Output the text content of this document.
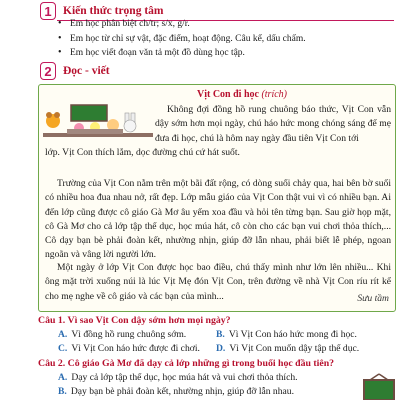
1 Kiến thức trọng tâm
• Em học phân biệt ch/tr; s/x, g/r.
• Em học từ chỉ sự vật, đặc điểm, hoạt động. Câu kể, dấu chấm.
• Em học viết đoạn văn tả một đồ dùng học tập.
2 Đọc - viết
Vịt Con đi học (trích)
Không đợi đồng hồ rung chuông báo thức, Vịt Con vẫn dậy sớm hơn mọi ngày, chú háo hức mong chóng sáng để mẹ đưa đi học, chú là hôm nay ngày đầu tiên Vịt Con tới
lớp. Vịt Con thích lắm, dọc đường chú cứ hát suốt.
Trường của Vịt Con nằm trên một bãi đất rộng, có dòng suối chảy qua, hai bên bờ suối có nhiều hoa đua nhau nở, rất đẹp. Lớp mẫu giáo của Vịt Con thật vui vì có nhiều bạn. Ai đến lớp cũng được cô giáo Gà Mơ âu yếm xoa đầu và hỏi tên từng bạn. Sau giờ họp mặt, cô Gà Mơ cho cả lớp tập thể dục, học múa hát, cô còn cho các bạn vui chơi thỏa thích,... Cô dạy bạn bè phải đoàn kết, nhường nhịn, giúp đỡ lẫn nhau, phải biết lễ phép, ngoan ngoãn và vâng lời người lớn.
Một ngày ở lớp Vịt Con được học bao điều, chú thấy mình như lớn lên nhiều... Khi ông mặt trời xuống núi là lúc Vịt Mẹ đón Vịt Con, trên đường về nhà Vịt Con ríu rít kể cho mẹ nghe về cô giáo và các bạn của mình...	Sưu tầm
Câu 1. Vì sao Vịt Con dậy sớm hơn mọi ngày?
A. Vì đồng hồ rung chuông sớm.	B. Vì Vịt Con háo hức mong đi học.
C. Vì Vịt Con háo hức được đi chơi. D. Vì Vịt Con muốn dậy tập thể dục.
Câu 2. Cô giáo Gà Mơ đã dạy cả lớp những gì trong buổi học đầu tiên?
A. Dạy cả lớp tập thể dục, học múa hát và vui chơi thỏa thích.
B. Dạy bạn bè phải đoàn kết, nhường nhịn, giúp đỡ lẫn nhau.
